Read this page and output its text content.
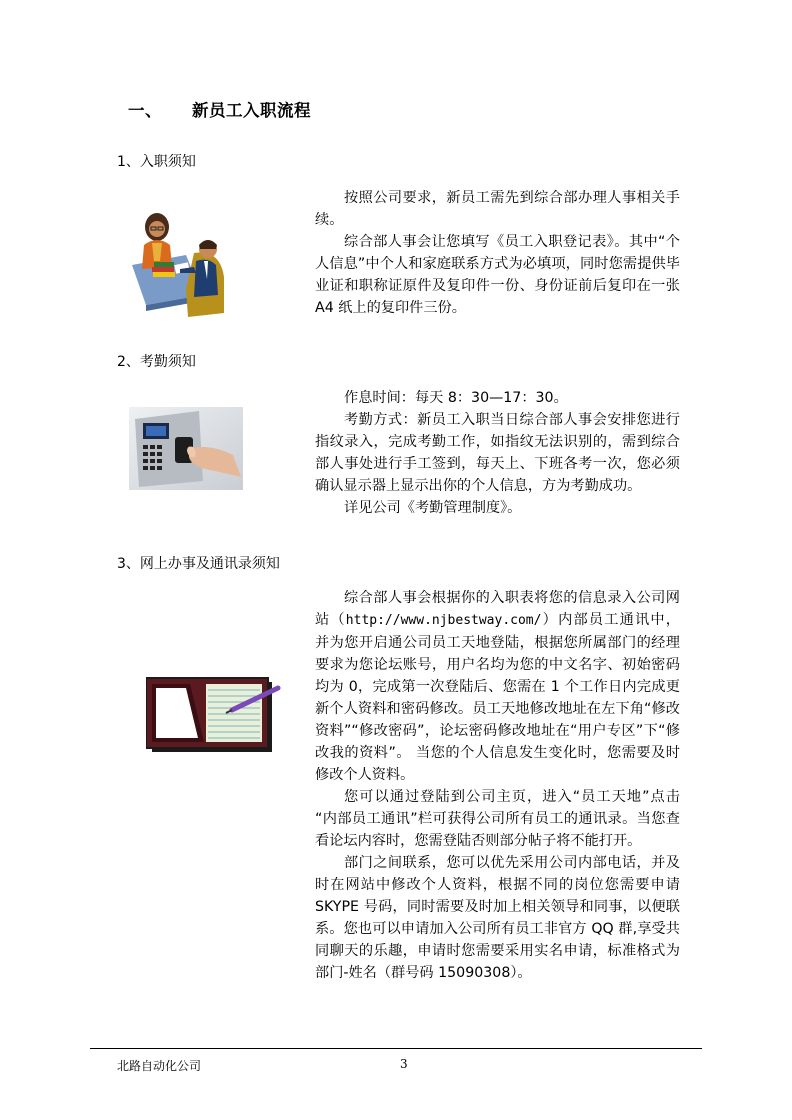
一、 新员工入职流程
1、入职须知

按照公司要求，新员工需先到综合部办理人事相关手续。

综合部人事会让您填写《员工入职登记表》。其中“个人信息”中个人和家庭联系方式为必填项，同时您需提供毕业证和职称证原件及复印件一份、身份证前后复印在一张 A4 纸上的复印件三份。

2、考勤须知

作息时间：每天 8：30—17：30。

考勤方式：新员工入职当日综合部人事会安排您进行指纹录入，完成考勤工作，如指纹无法识别的，需到综合部人事处进行手工签到，每天上、下班各考一次，您必须确认显示器上显示出你的个人信息，方为考勤成功。

详见公司《考勤管理制度》。

3、网上办事及通讯录须知

综合部人事会根据你的入职表将您的信息录入公司网站（http://www.njbestway.com/）内部员工通讯中，并为您开启通公司员工天地登陆，根据您所属部门的经理要求为您论坛账号，用户名均为您的中文名字、初始密码均为 0，完成第一次登陆后、您需在 1 个工作日内完成更新个人资料和密码修改。员工天地修改地址在左下角“修改资料”“修改密码”，论坛密码修改地址在“用户专区”下“修改我的资料”。 当您的个人信息发生变化时，您需要及时修改个人资料。

您可以通过登陆到公司主页，进入“员工天地”点击 “内部员工通讯”栏可获得公司所有员工的通讯录。当您查看论坛内容时，您需登陆否则部分帖子将不能打开。

部门之间联系，您可以优先采用公司内部电话，并及时在网站中修改个人资料，根据不同的岗位您需要申请 SKYPE 号码，同时需要及时加上相关领导和同事，以便联系。您也可以申请加入公司所有员工非官方 QQ 群,享受共同聊天的乐趣，申请时您需要采用实名申请，标准格式为部门-姓名（群号码 15090308）。

北路自动化公司	3
